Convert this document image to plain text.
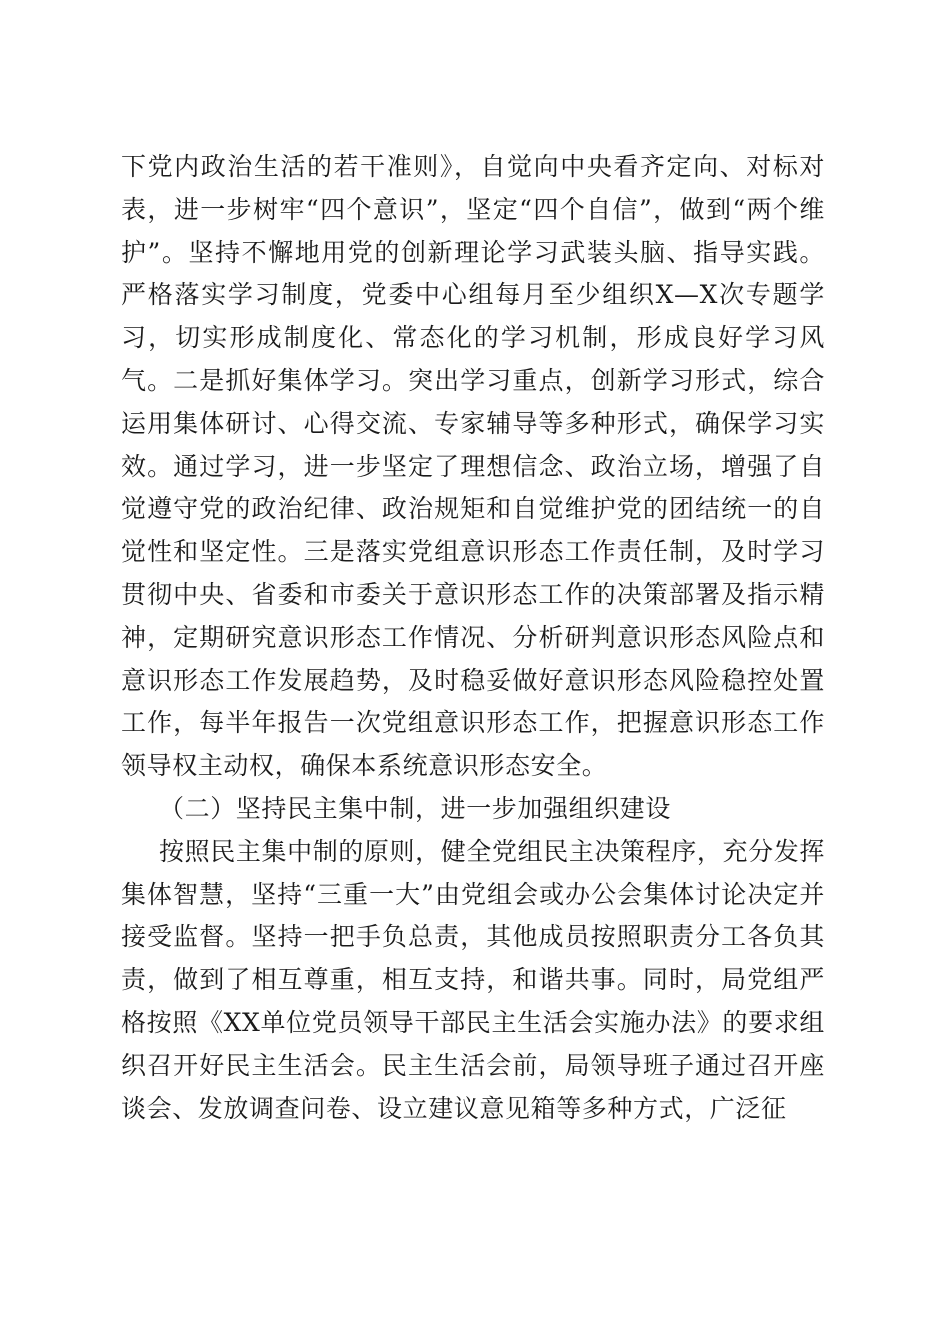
下党内政治生活的若干准则》，自觉向中央看齐定向、对标对表，进一步树牢“四个意识”，坚定“四个自信”，做到“两个维护”。坚持不懈地用党的创新理论学习武装头脑、指导实践。严格落实学习制度，党委中心组每月至少组织X—X次专题学习，切实形成制度化、常态化的学习机制，形成良好学习风气。二是抓好集体学习。突出学习重点，创新学习形式，综合运用集体研讨、心得交流、专家辅导等多种形式，确保学习实效。通过学习，进一步坚定了理想信念、政治立场，增强了自觉遵守党的政治纪律、政治规矩和自觉维护党的团结统一的自觉性和坚定性。三是落实党组意识形态工作责任制，及时学习贯彻中央、省委和市委关于意识形态工作的决策部署及指示精神，定期研究意识形态工作情况、分析研判意识形态风险点和意识形态工作发展趋势，及时稳妥做好意识形态风险稳控处置工作，每半年报告一次党组意识形态工作，把握意识形态工作领导权主动权，确保本系统意识形态安全。

（二）坚持民主集中制，进一步加强组织建设

按照民主集中制的原则，健全党组民主决策程序，充分发挥集体智慧，坚持“三重一大”由党组会或办公会集体讨论决定并接受监督。坚持一把手负总责，其他成员按照职责分工各负其责，做到了相互尊重，相互支持，和谐共事。同时，局党组严格按照《XX单位党员领导干部民主生活会实施办法》的要求组织召开好民主生活会。民主生活会前，局领导班子通过召开座谈会、发放调查问卷、设立建议意见箱等多种方式，广泛征
